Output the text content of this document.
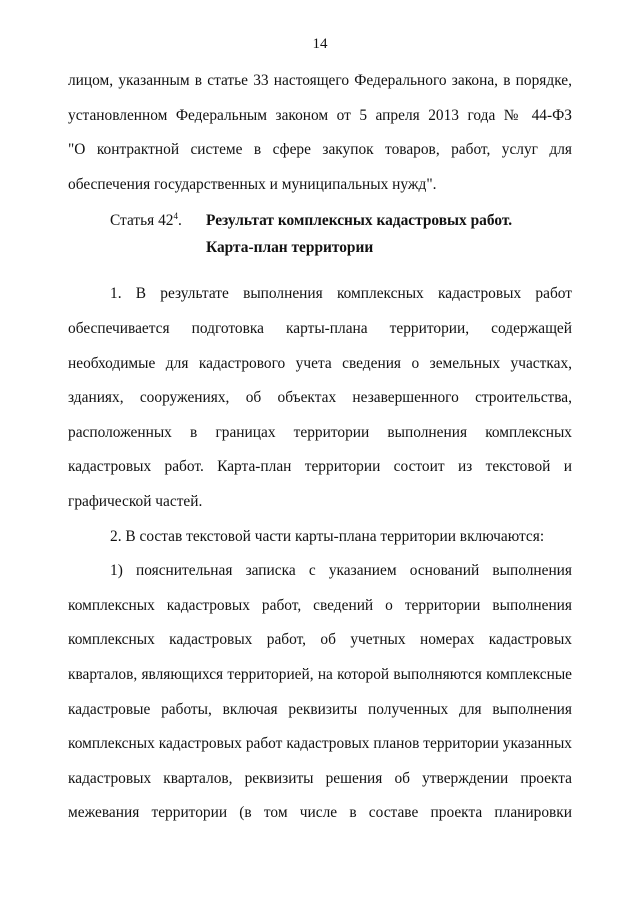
14

лицом, указанным в статье 33 настоящего Федерального закона, в порядке,

установленном Федеральным законом от 5 апреля 2013 года № 44-ФЗ

"О контрактной системе в сфере закупок товаров, работ, услуг для

обеспечения государственных и муниципальных нужд".

Статья $42^4$. Результат комплексных кадастровых работ.
Карта-план территории

1. В результате выполнения комплексных кадастровых работ

обеспечивается подготовка карты-плана территории, содержащей

необходимые для кадастрового учета сведения о земельных участках,

зданиях, сооружениях, об объектах незавершенного строительства,

расположенных в границах территории выполнения комплексных

кадастровых работ. Карта-план территории состоит из текстовой и

графической частей.

2. В состав текстовой части карты-плана территории включаются:

1) пояснительная записка с указанием оснований выполнения

комплексных кадастровых работ, сведений о территории выполнения

комплексных кадастровых работ, об учетных номерах кадастровых

кварталов, являющихся территорией, на которой выполняются комплексные

кадастровые работы, включая реквизиты полученных для выполнения

комплексных кадастровых работ кадастровых планов территории указанных

кадастровых кварталов, реквизиты решения об утверждении проекта

межевания территории (в том числе в составе проекта планировки
